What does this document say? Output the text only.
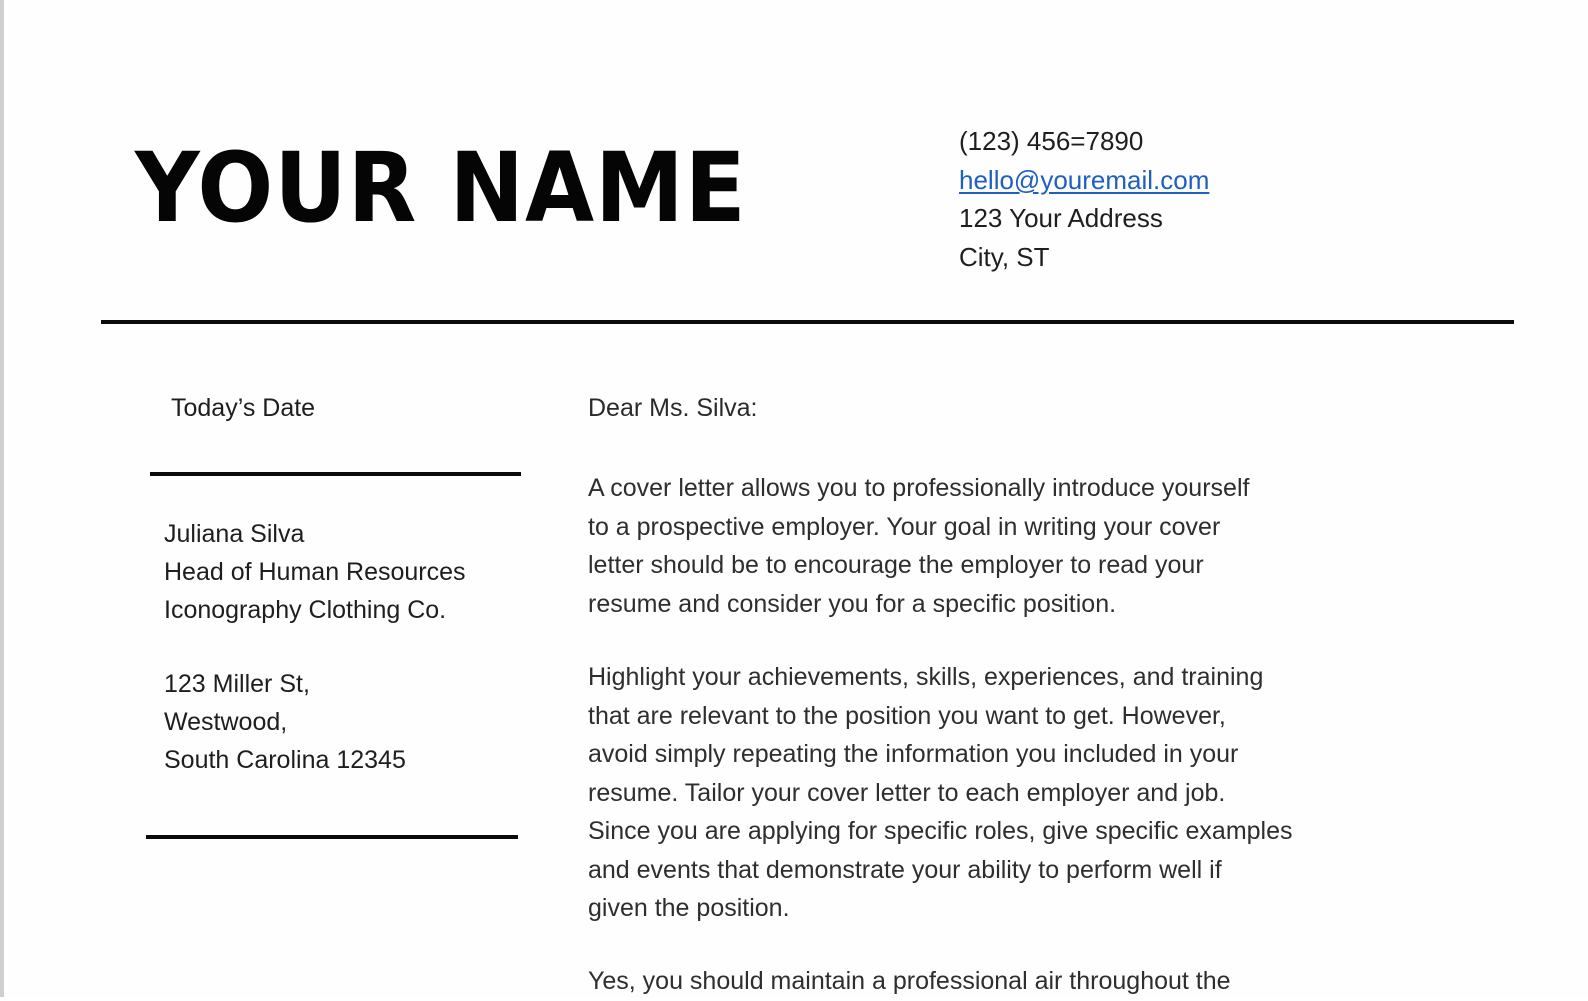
YOUR NAME	(123) 456=7890
hello@youremail.com
123 Your Address
City, ST
Today’s Date
Juliana Silva
Head of Human Resources
Iconography Clothing Co.
123 Miller St,
Westwood,
South Carolina 12345
Dear Ms. Silva:
A cover letter allows you to professionally introduce yourself
to a prospective employer. Your goal in writing your cover
letter should be to encourage the employer to read your
resume and consider you for a specific position.
Highlight your achievements, skills, experiences, and training
that are relevant to the position you want to get. However,
avoid simply repeating the information you included in your
resume. Tailor your cover letter to each employer and job.
Since you are applying for specific roles, give specific examples
and events that demonstrate your ability to perform well if
given the position.
Yes, you should maintain a professional air throughout the
